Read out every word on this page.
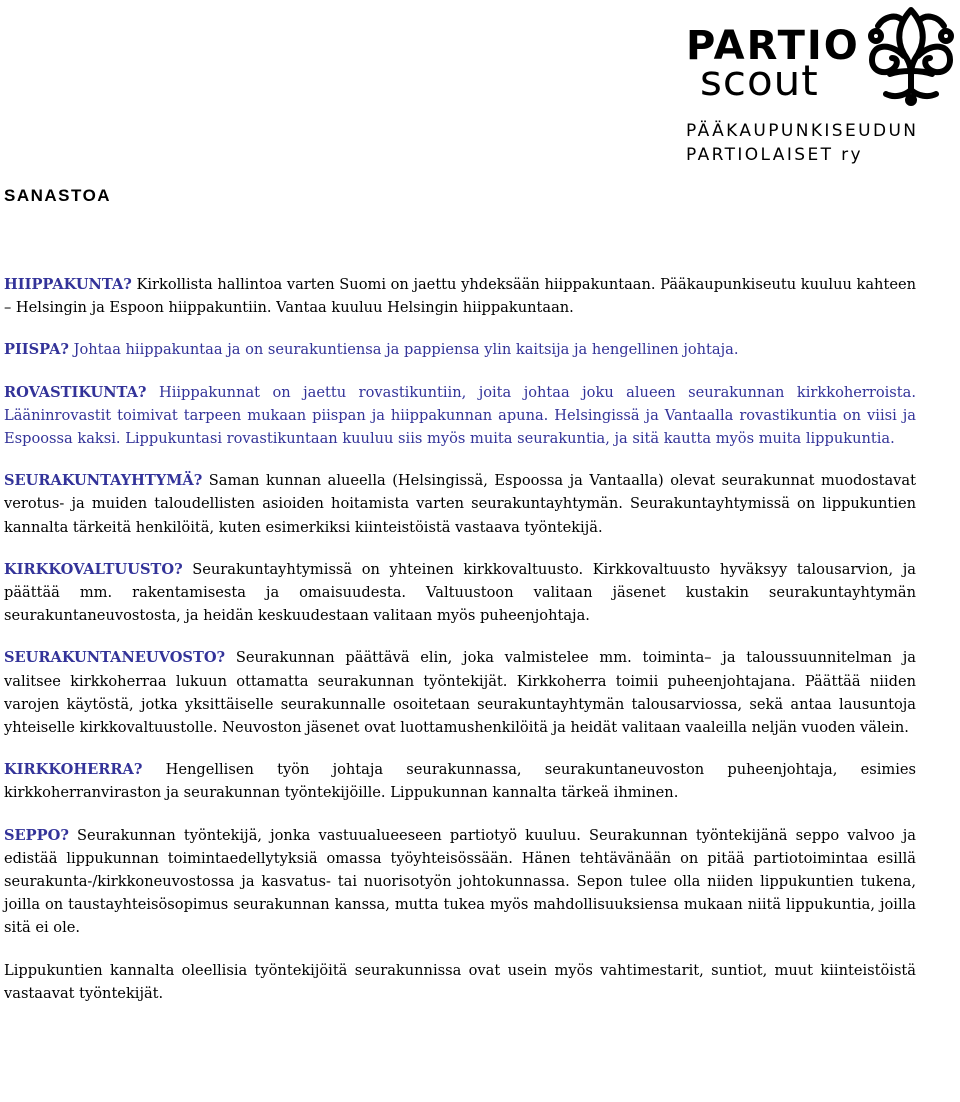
PARTIO
scout
PÄÄKAUPUNKISEUDUN
PARTIOLAISET ry
SANASTOA

HIIPPAKUNTA? Kirkollista hallintoa varten Suomi on jaettu yhdeksään hiippakuntaan. Pääkaupunkiseutu kuuluu kahteen – Helsingin ja Espoon hiippakuntiin. Vantaa kuuluu Helsingin hiippakuntaan.

PIISPA? Johtaa hiippakuntaa ja on seurakuntiensa ja pappiensa ylin kaitsija ja hengellinen johtaja.

ROVASTIKUNTA? Hiippakunnat on jaettu rovastikuntiin, joita johtaa joku alueen seurakunnan kirkkoherroista. Lääninrovastit toimivat tarpeen mukaan piispan ja hiippakunnan apuna. Helsingissä ja Vantaalla rovastikuntia on viisi ja Espoossa kaksi. Lippukuntasi rovastikuntaan kuuluu siis myös muita seurakuntia, ja sitä kautta myös muita lippukuntia.

SEURAKUNTAYHTYMÄ? Saman kunnan alueella (Helsingissä, Espoossa ja Vantaalla) olevat seurakunnat muodostavat verotus- ja muiden taloudellisten asioiden hoitamista varten seurakuntayhtymän. Seurakuntayhtymissä on lippukuntien kannalta tärkeitä henkilöitä, kuten esimerkiksi kiinteistöistä vastaava työntekijä.

KIRKKOVALTUUSTO? Seurakuntayhtymissä on yhteinen kirkkovaltuusto. Kirkkovaltuusto hyväksyy talousarvion, ja päättää mm. rakentamisesta ja omaisuudesta. Valtuustoon valitaan jäsenet kustakin seurakuntayhtymän seurakuntaneuvostosta, ja heidän keskuudestaan valitaan myös puheenjohtaja.

SEURAKUNTANEUVOSTO? Seurakunnan päättävä elin, joka valmistelee mm. toiminta– ja taloussuunnitelman ja valitsee kirkkoherraa lukuun ottamatta seurakunnan työntekijät. Kirkkoherra toimii puheenjohtajana. Päättää niiden varojen käytöstä, jotka yksittäiselle seurakunnalle osoitetaan seurakuntayhtymän talousarviossa, sekä antaa lausuntoja yhteiselle kirkkovaltuustolle. Neuvoston jäsenet ovat luottamushenkilöitä ja heidät valitaan vaaleilla neljän vuoden välein.

KIRKKOHERRA? Hengellisen työn johtaja seurakunnassa, seurakuntaneuvoston puheenjohtaja, esimies kirkkoherranviraston ja seurakunnan työntekijöille. Lippukunnan kannalta tärkeä ihminen.

SEPPO? Seurakunnan työntekijä, jonka vastuualueeseen partiotyö kuuluu. Seurakunnan työntekijänä seppo valvoo ja edistää lippukunnan toimintaedellytyksiä omassa työyhteisössään. Hänen tehtävänään on pitää partiotoimintaa esillä seurakunta-/kirkkoneuvostossa ja kasvatus- tai nuorisotyön johtokunnassa. Sepon tulee olla niiden lippukuntien tukena, joilla on taustayhteisösopimus seurakunnan kanssa, mutta tukea myös mahdollisuuksiensa mukaan niitä lippukuntia, joilla sitä ei ole.

Lippukuntien kannalta oleellisia työntekijöitä seurakunnissa ovat usein myös vahtimestarit, suntiot, muut kiinteistöistä vastaavat työntekijät.
